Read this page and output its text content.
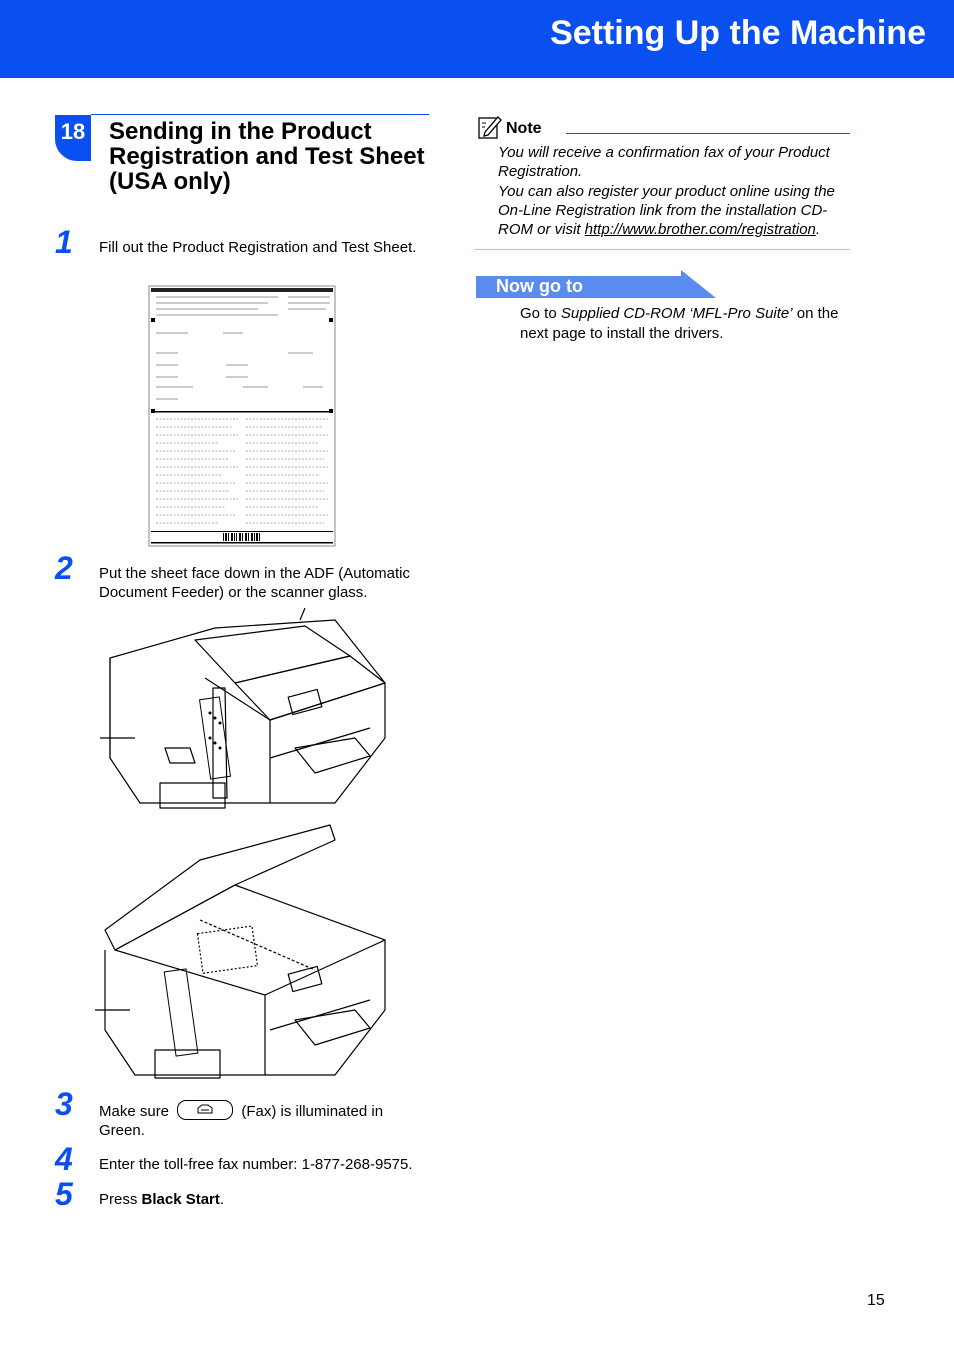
Setting Up the Machine
18 Sending in the Product Registration and Test Sheet (USA only)
1 Fill out the Product Registration and Test Sheet.
2 Put the sheet face down in the ADF (Automatic Document Feeder) or the scanner glass.
3 Make sure	(Fax) is illuminated in Green.
4 Enter the toll-free fax number: 1-877-268-9575.
5 Press Black Start.
Note
You will receive a confirmation fax of your Product Registration.
You can also register your product online using the On-Line Registration link from the installation CD-ROM or visit http://www.brother.com/registration.
Now go to
Go to Supplied CD-ROM ‘MFL-Pro Suite’ on the next page to install the drivers.
15
